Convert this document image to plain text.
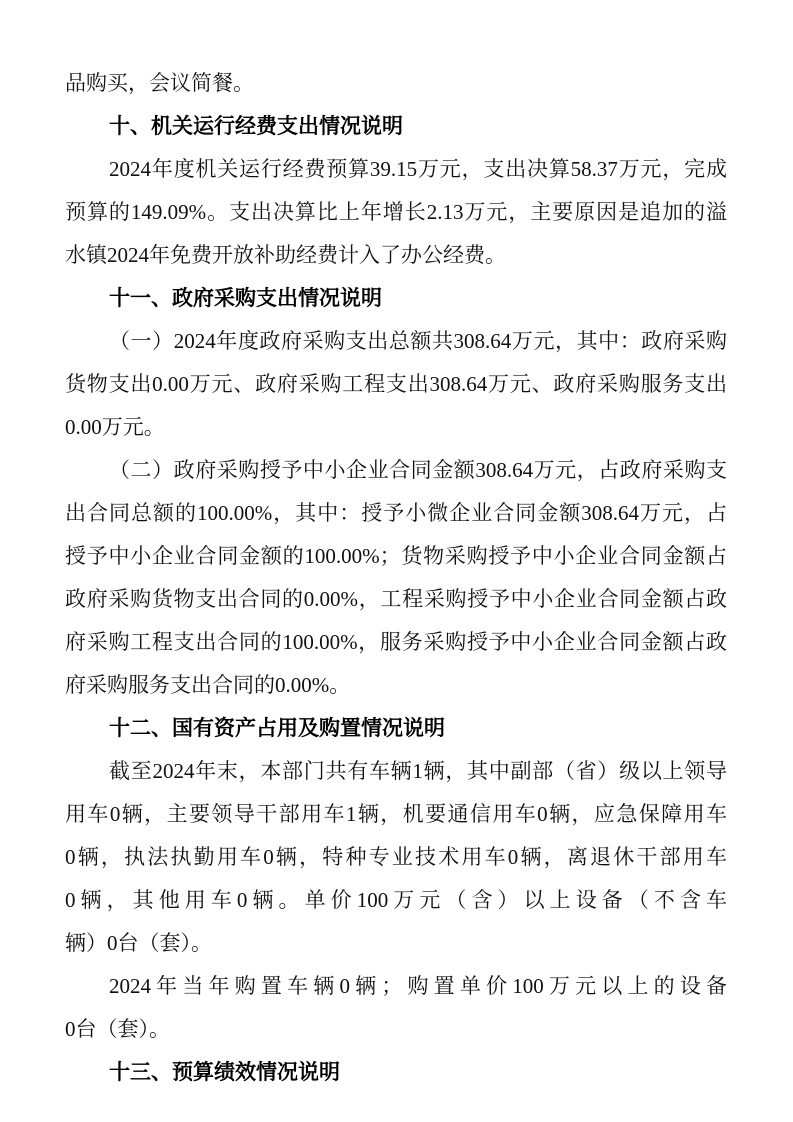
品购买，会议简餐。
十、机关运行经费支出情况说明
2024年度机关运行经费预算39.15万元，支出决算58.37万元，完成
预算的149.09%。支出决算比上年增长2.13万元，主要原因是追加的溢
水镇2024年免费开放补助经费计入了办公经费。
十一、政府采购支出情况说明
（一）2024年度政府采购支出总额共308.64万元，其中：政府采购
货物支出0.00万元、政府采购工程支出308.64万元、政府采购服务支出
0.00万元。
（二）政府采购授予中小企业合同金额308.64万元，占政府采购支
出合同总额的100.00%，其中：授予小微企业合同金额308.64万元，占
授予中小企业合同金额的100.00%；货物采购授予中小企业合同金额占
政府采购货物支出合同的0.00%，工程采购授予中小企业合同金额占政
府采购工程支出合同的100.00%，服务采购授予中小企业合同金额占政
府采购服务支出合同的0.00%。
十二、国有资产占用及购置情况说明
截至2024年末，本部门共有车辆1辆，其中副部（省）级以上领导
用车0辆，主要领导干部用车1辆，机要通信用车0辆，应急保障用车
0辆，执法执勤用车0辆，特种专业技术用车0辆，离退休干部用车
0辆，其他用车0辆。单价100万元（含）以上设备（不含车
辆）0台（套）。
2024年当年购置车辆0辆；购置单价100万元以上的设备
0台（套）。
十三、预算绩效情况说明
